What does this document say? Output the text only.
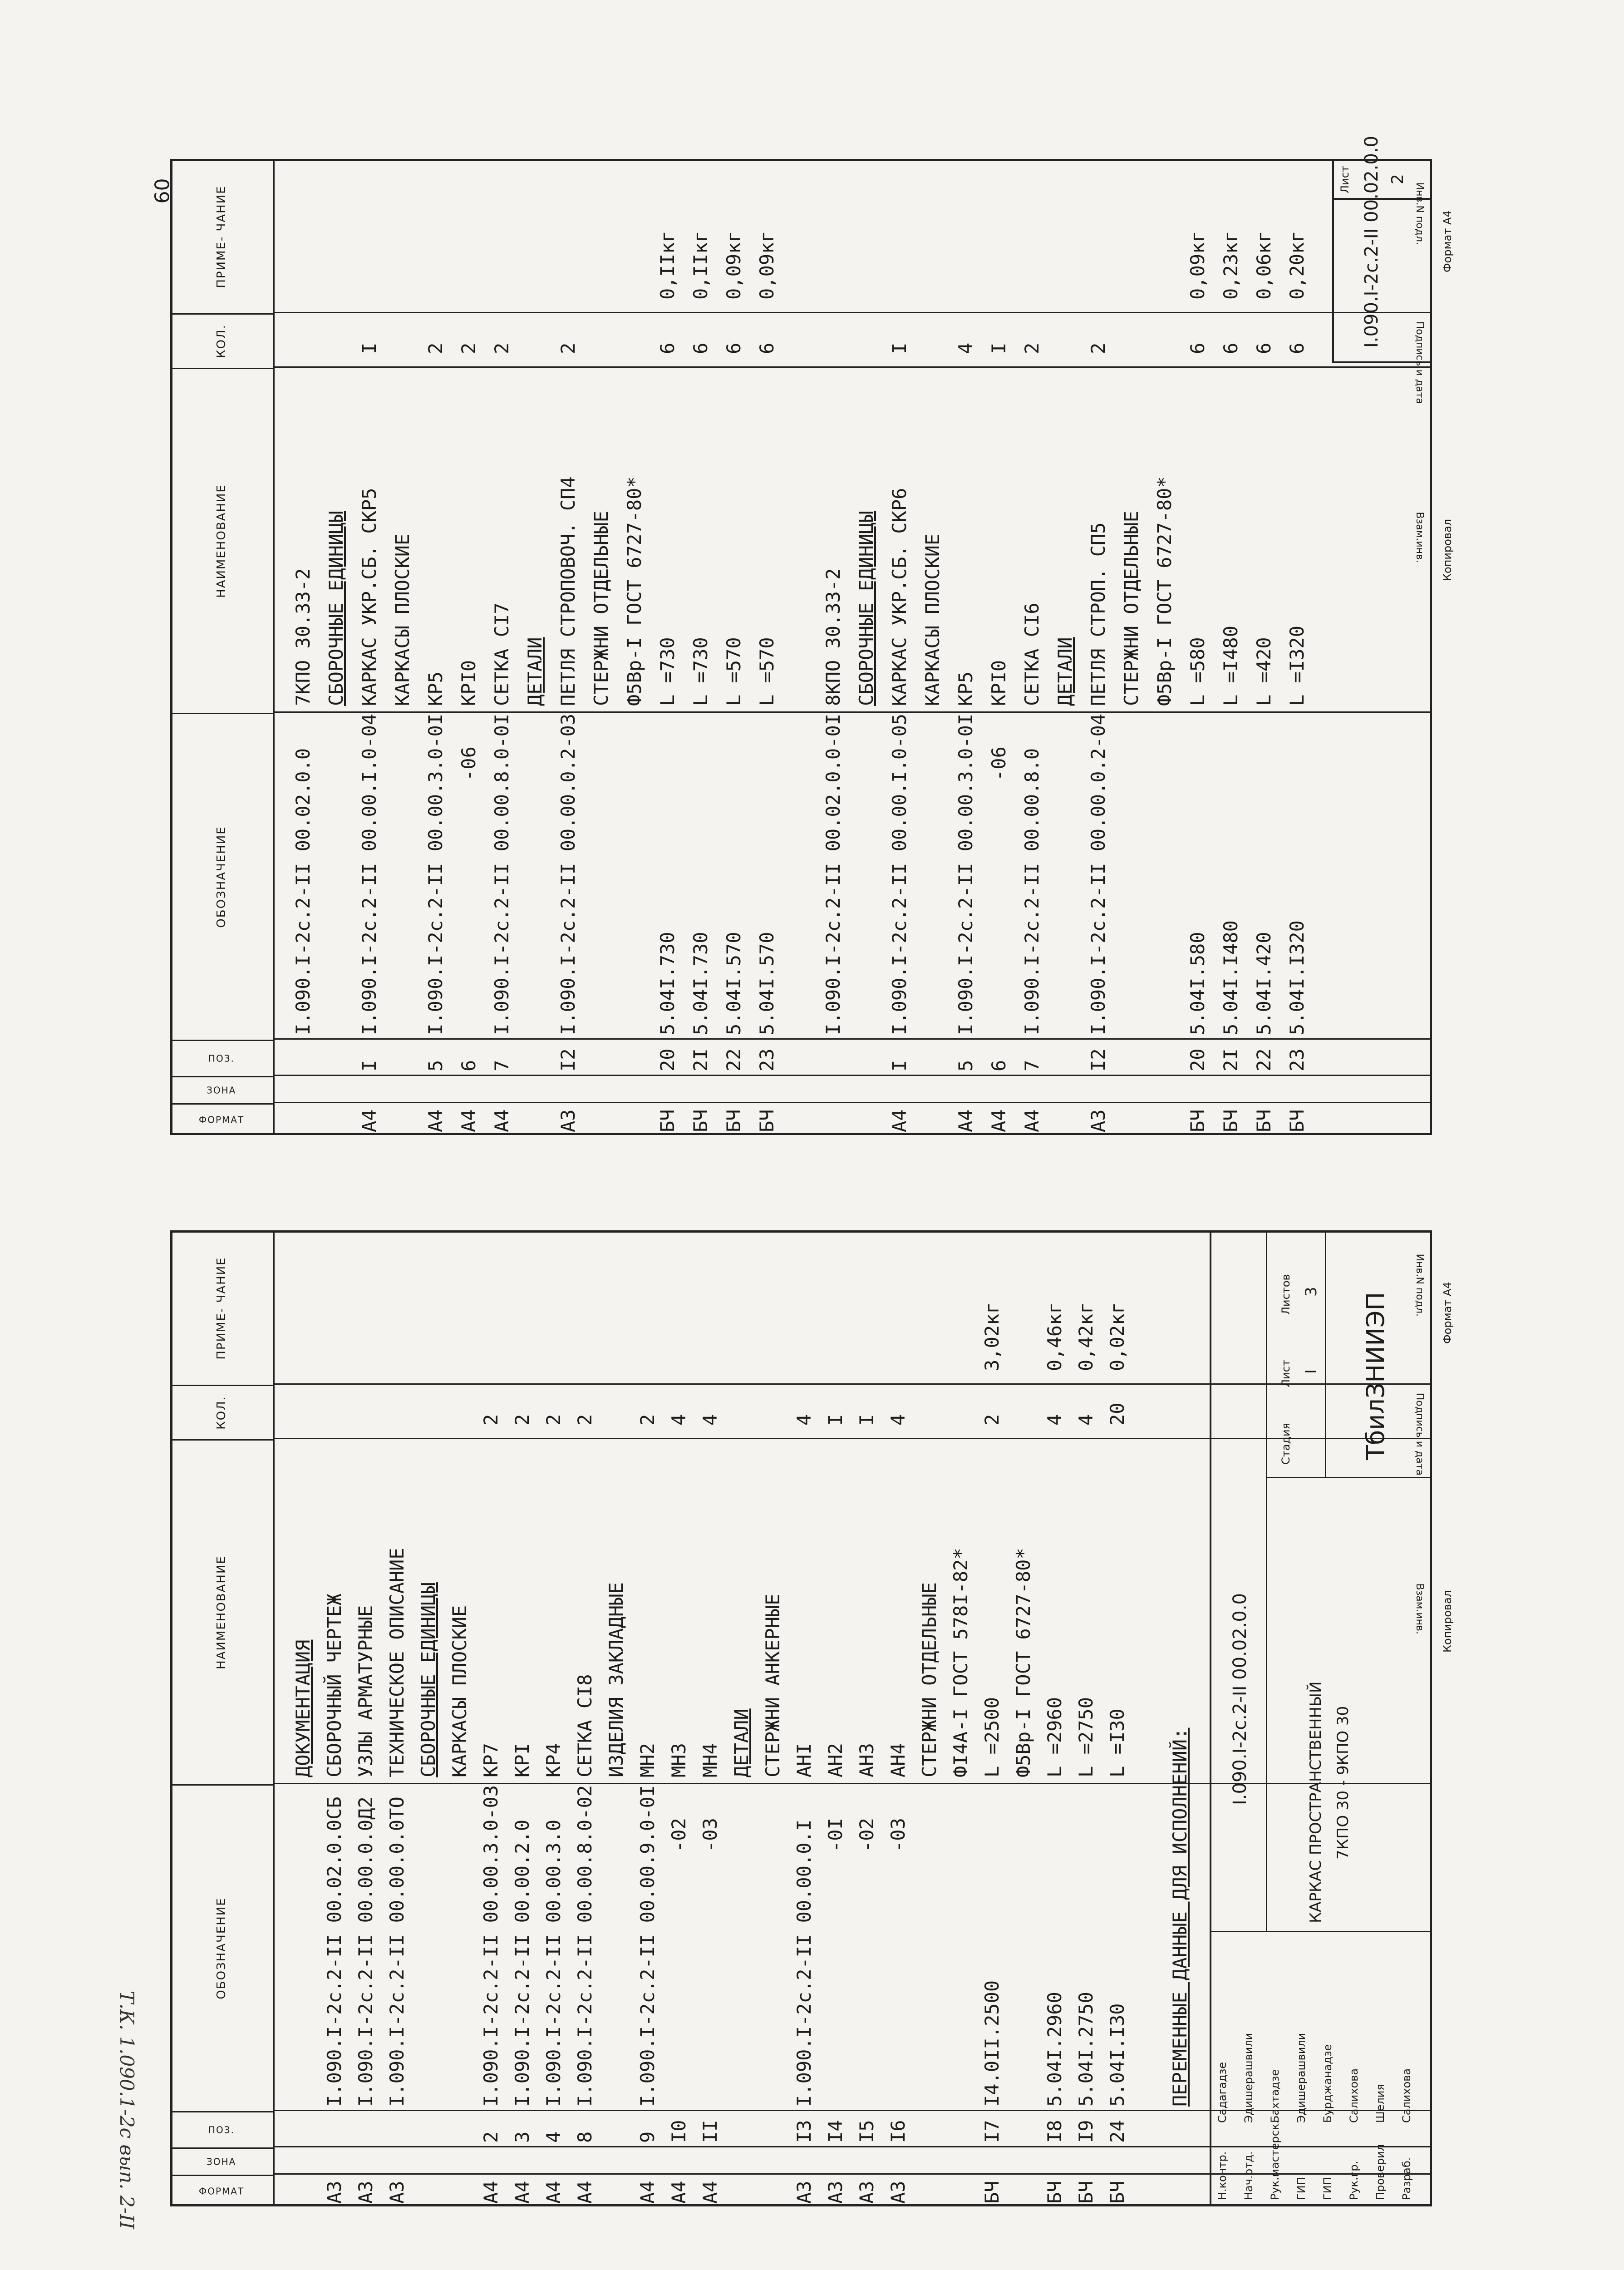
60
ФОРМАТ
ЗОНА
ПОЗ.
ОБОЗНАЧЕНИЕ
НАИМЕНОВАНИЕ
КОЛ.
ПРИМЕ- ЧАНИЕ
I.090.I-2c.2-II 00.02.0.0
7КПО 30.33-2 СБОРОЧНЫЕ ЕДИНИЦЫ
А4
I
I.090.I-2c.2-II 00.00.I.0-04
КАРКАС УКР.СБ. СКР5
I
КАРКАСЫ ПЛОСКИЕ
А4
5
I.090.I-2c.2-II 00.00.3.0-0I
КР5
2
А4
6
-06
КРI0
2
А4
7
I.090.I-2c.2-II 00.00.8.0-0I
СЕТКА СI7
2
ДЕТАЛИ
А3
I2
I.090.I-2c.2-II 00.00.0.2-03
ПЕТЛЯ СТРОПОВОЧ. СП4
2
СТЕРЖНИ ОТДЕЛЬНЫЕ Ф5Вр-I ГОСТ 6727-80*
БЧ
20
5.04I.730
L =730
6
0,IIкг
БЧ
2I
5.04I.730
L =730
6
0,IIкг
БЧ
22
5.04I.570
L =570
6
0,09кг
БЧ
23
5.04I.570
L =570
6
0,09кг
I.090.I-2c.2-II 00.02.0.0-0I
8КПО 30.33-2 СБОРОЧНЫЕ ЕДИНИЦЫ
А4
I
I.090.I-2c.2-II 00.00.I.0-05
КАРКАС УКР.СБ. СКР6
I
КАРКАСЫ ПЛОСКИЕ
А4
5
I.090.I-2c.2-II 00.00.3.0-0I
КР5
4
А4
6
-06
КРI0
I
А4
7
I.090.I-2c.2-II 00.00.8.0
СЕТКА СI6
2
ДЕТАЛИ
А3
I2
I.090.I-2c.2-II 00.00.0.2-04
ПЕТЛЯ СТРОП. СП5
2
СТЕРЖНИ ОТДЕЛЬНЫЕ Ф5Вр-I ГОСТ 6727-80*
БЧ
20
5.04I.580
L =580
6
0,09кг
БЧ
2I
5.04I.I480
L =I480
6
0,23кг
БЧ
22
5.04I.420
L =420
6
0,06кг
БЧ
23
5.04I.I320
L =I320
6
0,20кг	I.090.I-2c.2-II 00.02.0.0
Лист 2
Копировал
Формат А4
Инв.N подл.
Подпись и дата
Взам.инв.
ФОРМАТ
ЗОНА
ПОЗ.
ОБОЗНАЧЕНИЕ
НАИМЕНОВАНИЕ
КОЛ.
ПРИМЕ- ЧАНИЕ
ДОКУМЕНТАЦИЯ
А3
I.090.I-2c.2-II 00.02.0.0СБ
СБОРОЧНЫЙ ЧЕРТЕЖ
А3
I.090.I-2c.2-II 00.00.0.0Д2
УЗЛЫ АРМАТУРНЫЕ
А3
I.090.I-2c.2-II 00.00.0.0ТО
ТЕХНИЧЕСКОЕ ОПИСАНИЕ СБОРОЧНЫЕ ЕДИНИЦЫ КАРКАСЫ ПЛОСКИЕ
А4
2
I.090.I-2c.2-II 00.00.3.0-03
КР7
2
А4
3
I.090.I-2c.2-II 00.00.2.0
КРI
2
А4
4
I.090.I-2c.2-II 00.00.3.0
КР4
2
А4
8
I.090.I-2c.2-II 00.00.8.0-02
СЕТКА СI8
2
ИЗДЕЛИЯ ЗАКЛАДНЫЕ
А4
9
I.090.I-2c.2-II 00.00.9.0-0I
МН2
2
А4
I0
-02
МН3
4
А4
II
-03
МН4
4
ДЕТАЛИ СТЕРЖНИ АНКЕРНЫЕ
А3
I3
I.090.I-2c.2-II 00.00.0.I
АНI
4
А3
I4
-0I
АН2
I
А3
I5
-02
АН3
I
А3
I6
-03
АН4
4
СТЕРЖНИ ОТДЕЛЬНЫЕ ФI4А-I ГОСТ 578I-82*
БЧ
I7
I4.0II.2500
L =2500
2
3,02кг
Ф5Вр-I ГОСТ 6727-80*
БЧ
I8
5.04I.2960
L =2960
4
0,46кг
БЧ
I9
5.04I.2750
L =2750
4
0,42кг
БЧ
24
5.04I.I30
L =I30
20
0,02кг
ПЕРЕМЕННЫЕ ДАННЫЕ ДЛЯ ИСПОЛНЕНИЙ:
Н.контр.
Садагадзе
Нач.отд.
Эдишерашвили
Рук.мастерск.
Бахтадзе
ГИП
Эдишерашвили
ГИП
Бурджанадзе
Рук.гр.
Салихова
Проверил
Шелия
Разраб.
Салихова
I.090.I-2c.2-II 00.02.0.0	КАРКАС ПРОСТРАНСТВЕННЫЙ 7КПО 30 - 9КПО 30
Стадия
Лист
Листов
I
3
ТбилЗНИИЭП
Копировал
Формат А4
Инв.N подл.
Подпись и дата
Взам.инв.
Т.К. 1.090.1-2с вып. 2-II
